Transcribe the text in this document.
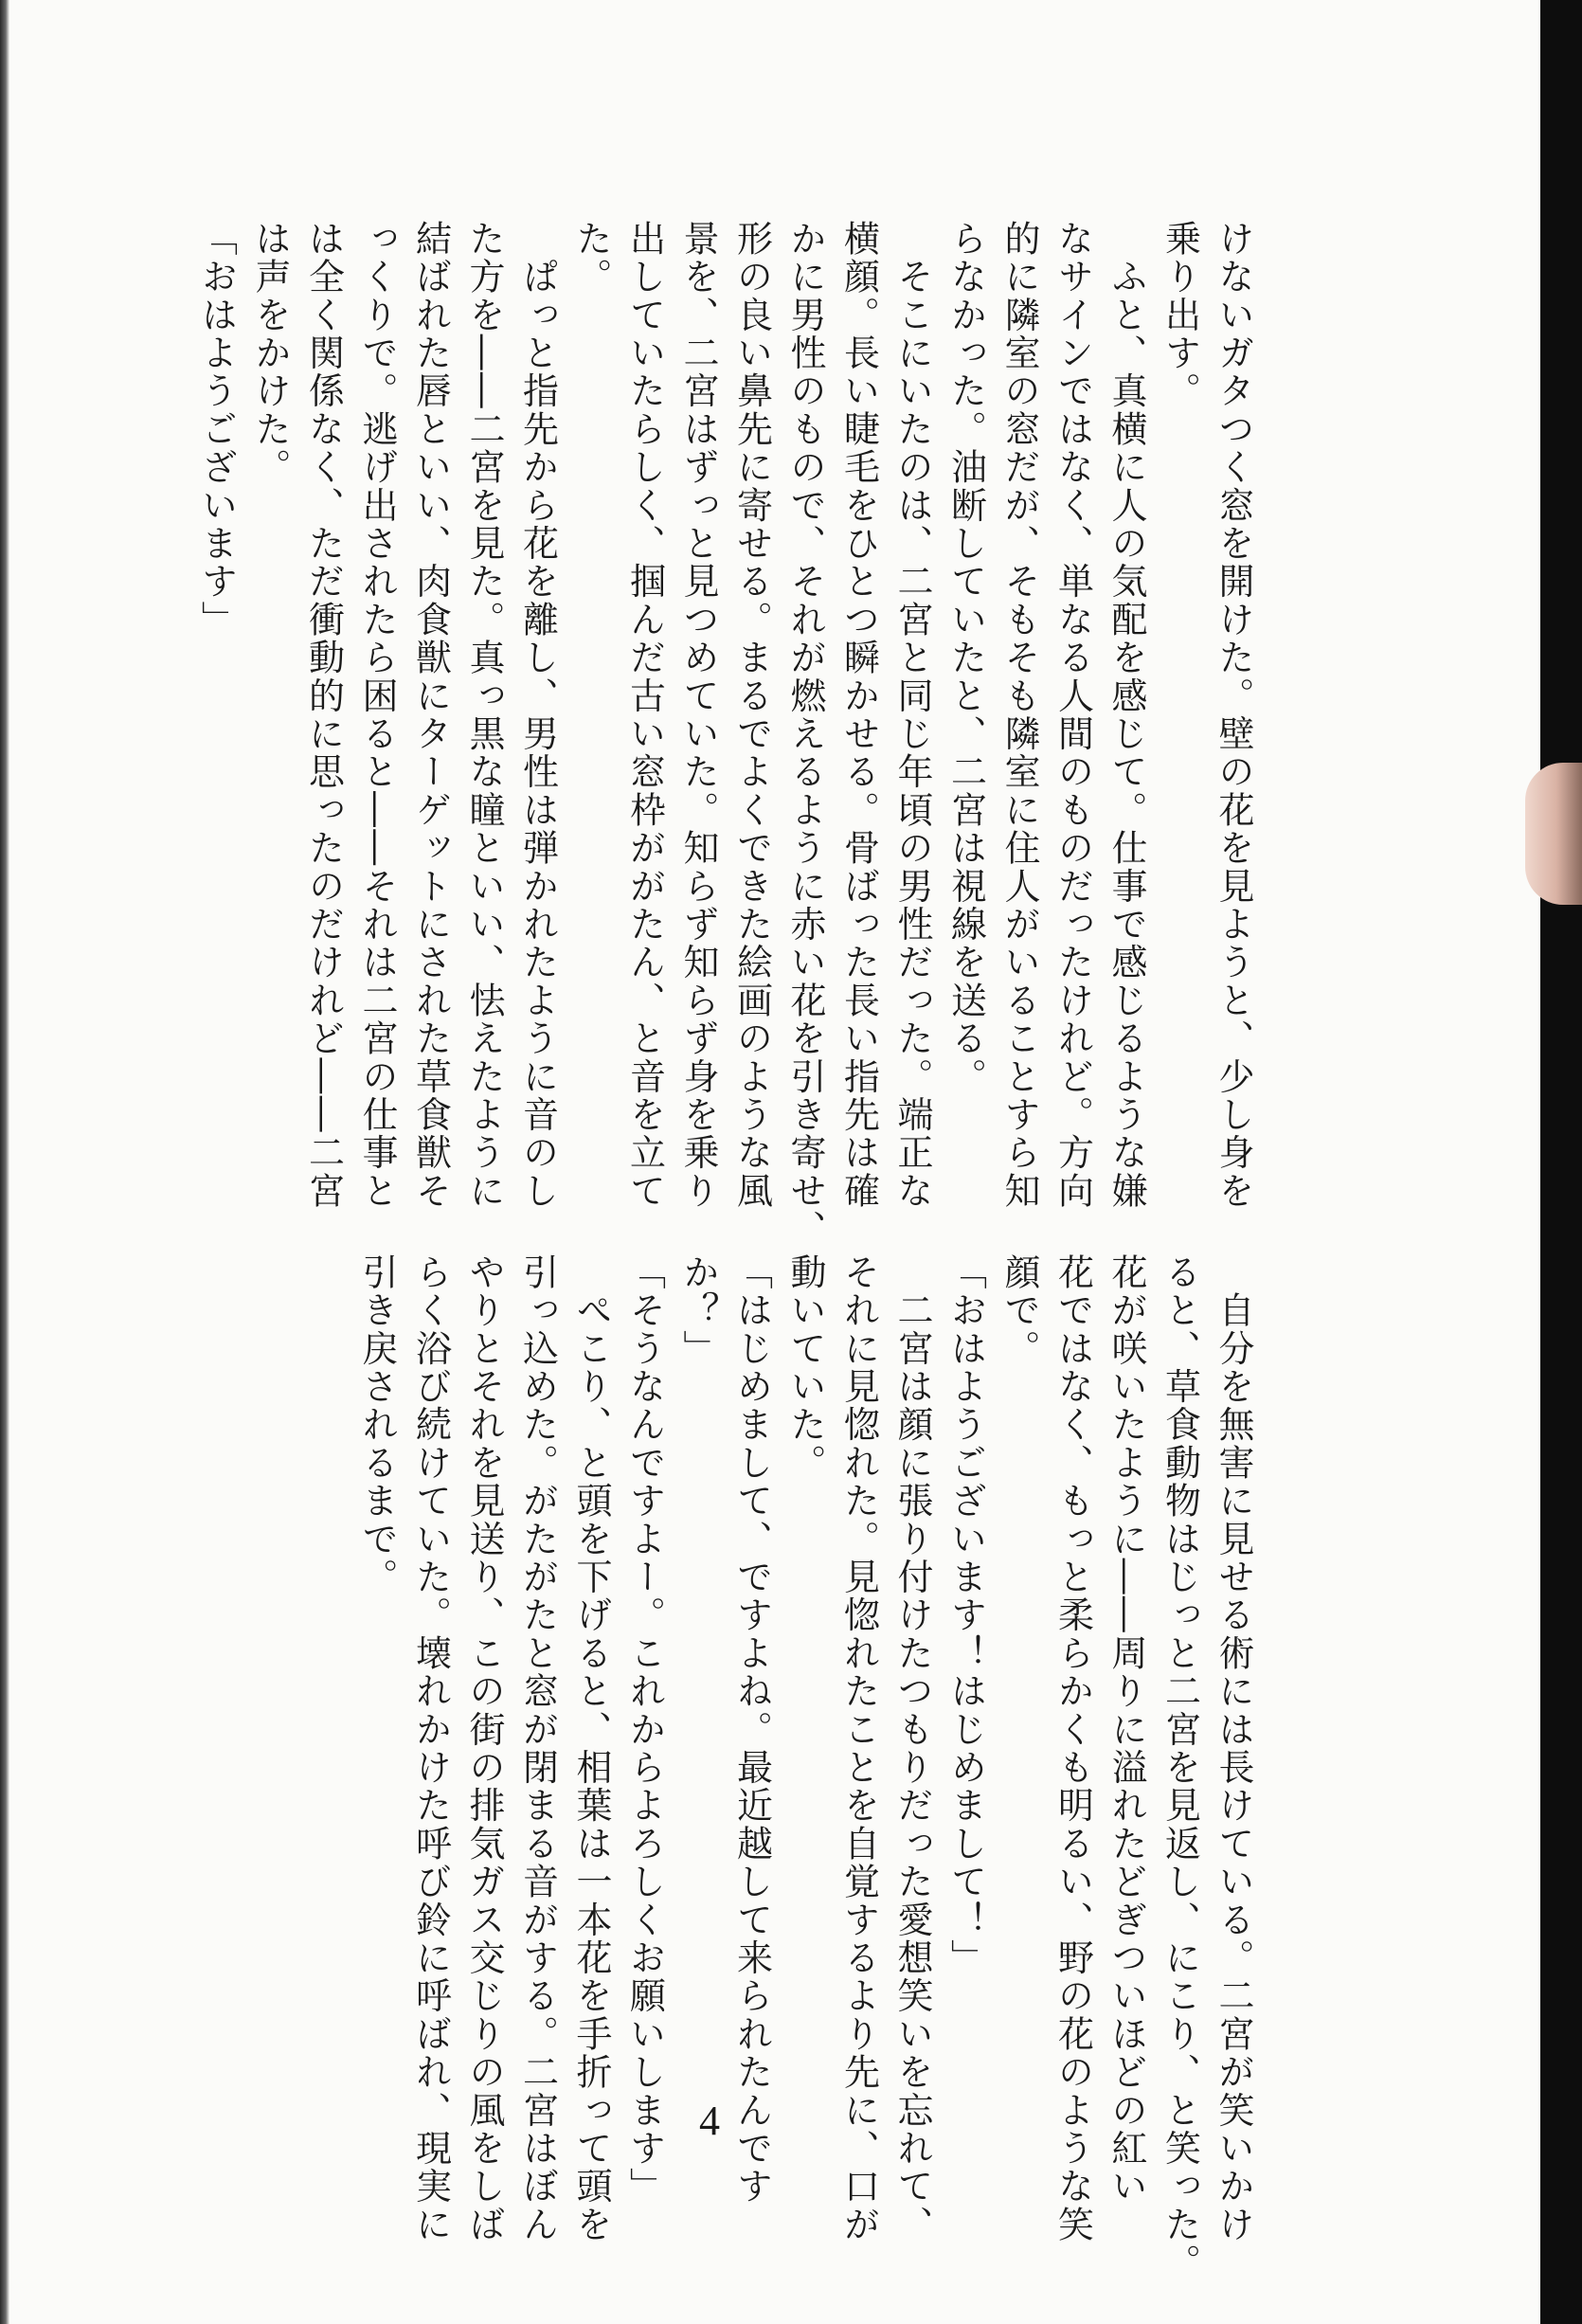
けないガタつく窓を開けた。壁の花を見ようと、少し身を
乗り出す。
　ふと、真横に人の気配を感じて。仕事で感じるような嫌
なサインではなく、単なる人間のものだったけれど。方向
的に隣室の窓だが、そもそも隣室に住人がいることすら知
らなかった。油断していたと、二宮は視線を送る。
　そこにいたのは、二宮と同じ年頃の男性だった。端正な
横顔。長い睫毛をひとつ瞬かせる。骨ばった長い指先は確
かに男性のもので、それが燃えるように赤い花を引き寄せ、
形の良い鼻先に寄せる。まるでよくできた絵画のような風
景を、二宮はずっと見つめていた。知らず知らず身を乗り
出していたらしく、掴んだ古い窓枠ががたん、と音を立て
た。
　ぱっと指先から花を離し、男性は弾かれたように音のし
た方を――二宮を見た。真っ黒な瞳といい、怯えたように
結ばれた唇といい、肉食獣にターゲットにされた草食獣そ
っくりで。逃げ出されたら困ると――それは二宮の仕事と
は全く関係なく、ただ衝動的に思ったのだけれど――二宮
は声をかけた。
「おはようございます」
　自分を無害に見せる術には長けている。二宮が笑いかけ
ると、草食動物はじっと二宮を見返し、にこり、と笑った。
花が咲いたように――周りに溢れたどぎついほどの紅い
花ではなく、もっと柔らかくも明るい、野の花のような笑
顔で。
「おはようございます！はじめまして！」
　二宮は顔に張り付けたつもりだった愛想笑いを忘れて、
それに見惚れた。見惚れたことを自覚するより先に、口が
動いていた。
「はじめまして、ですよね。最近越して来られたんです
か？」
「そうなんですよー。これからよろしくお願いします」
　ぺこり、と頭を下げると、相葉は一本花を手折って頭を
引っ込めた。がたがたと窓が閉まる音がする。二宮はぼん
やりとそれを見送り、この街の排気ガス交じりの風をしば
らく浴び続けていた。壊れかけた呼び鈴に呼ばれ、現実に
引き戻されるまで。
4
